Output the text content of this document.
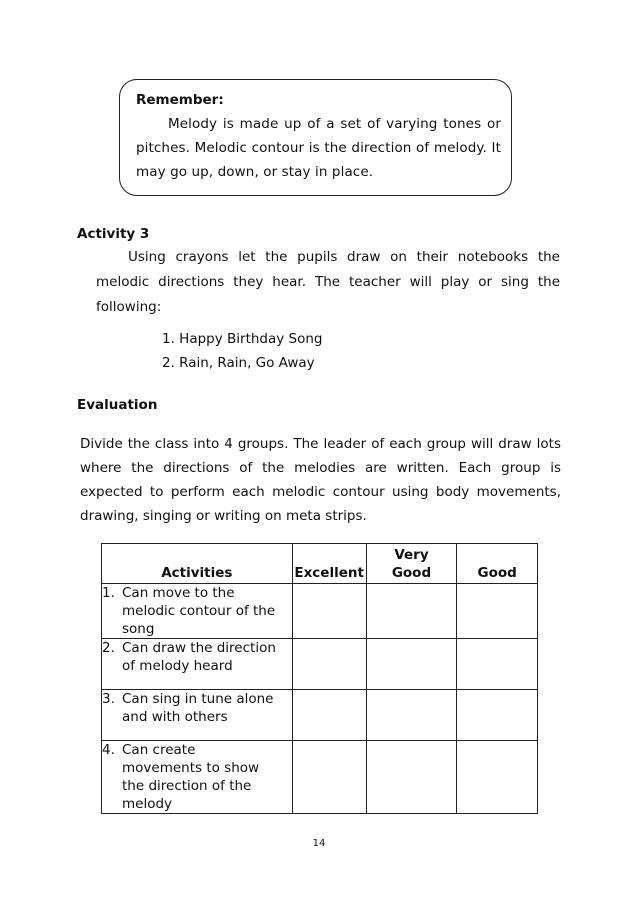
Remember:
Melody is made up of a set of varying tones or pitches. Melodic contour is the direction of melody. It may go up, down, or stay in place.
Activity 3
Using crayons let the pupils draw on their notebooks the melodic directions they hear. The teacher will play or sing the following:
1. Happy Birthday Song
2. Rain, Rain, Go Away
Evaluation
Divide the class into 4 groups. The leader of each group will draw lots where the directions of the melodies are written. Each group is expected to perform each melodic contour using body movements, drawing, singing or writing on meta strips.
Activities	Excellent	Very Good	Good
1. Can move to the melodic contour of the song			
2. Can draw the direction of melody heard			
3. Can sing in tune alone and with others			
4. Can create movements to show the direction of the melody			
14
